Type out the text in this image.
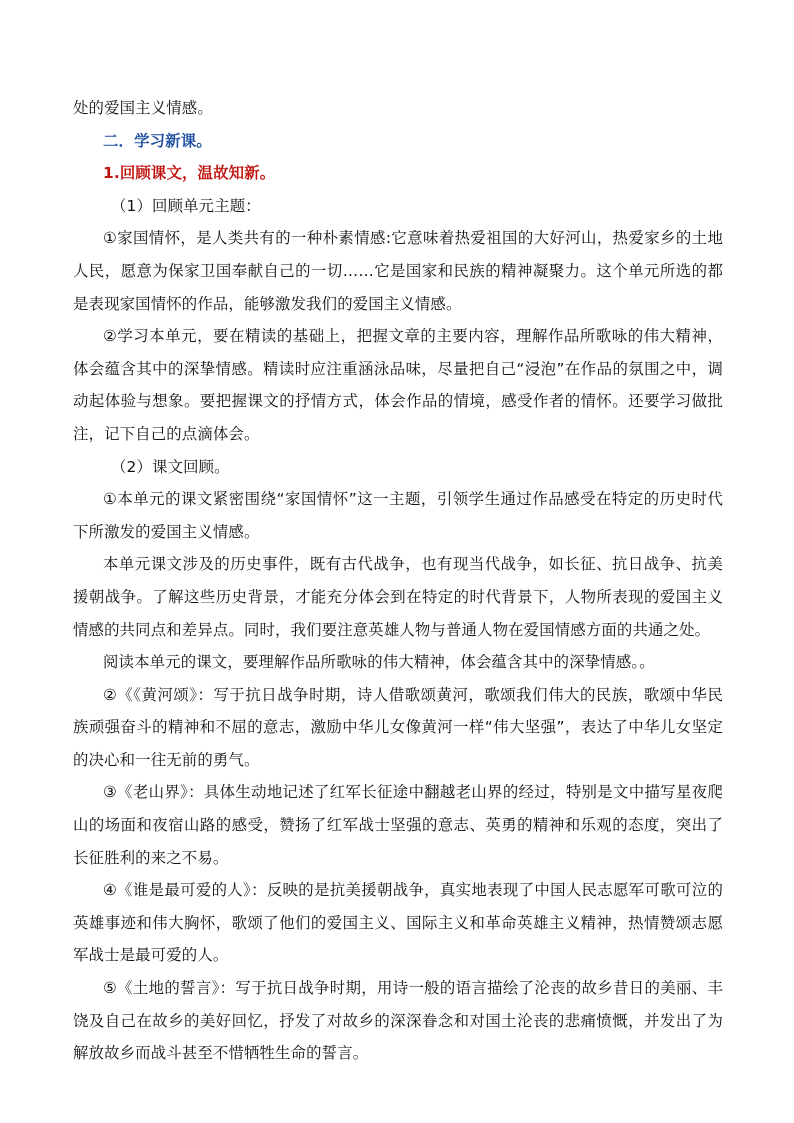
处的爱国主义情感。

二．学习新课。

1.回顾课文，温故知新。

（1）回顾单元主题：

①家国情怀，是人类共有的一种朴素情感:它意味着热爱祖国的大好河山，热爱家乡的土地人民，愿意为保家卫国奉献自己的一切……它是国家和民族的精神凝聚力。这个单元所选的都是表现家国情怀的作品，能够激发我们的爱国主义情感。

②学习本单元，要在精读的基础上，把握文章的主要内容，理解作品所歌咏的伟大精神，体会蕴含其中的深挚情感。精读时应注重涵泳品味，尽量把自己“浸泡”在作品的氛围之中，调动起体验与想象。要把握课文的抒情方式，体会作品的情境，感受作者的情怀。还要学习做批注，记下自己的点滴体会。

（2）课文回顾。

①本单元的课文紧密围绕“家国情怀”这一主题，引领学生通过作品感受在特定的历史时代下所激发的爱国主义情感。

本单元课文涉及的历史事件，既有古代战争，也有现当代战争，如长征、抗日战争、抗美援朝战争。了解这些历史背景，才能充分体会到在特定的时代背景下，人物所表现的爱国主义情感的共同点和差异点。同时，我们要注意英雄人物与普通人物在爱国情感方面的共通之处。

阅读本单元的课文，要理解作品所歌咏的伟大精神，体会蕴含其中的深挚情感。。

②《《黄河颂》：写于抗日战争时期，诗人借歌颂黄河，歌颂我们伟大的民族，歌颂中华民族顽强奋斗的精神和不屈的意志，激励中华儿女像黄河一样“伟大坚强”，表达了中华儿女坚定的决心和一往无前的勇气。

③《老山界》：具体生动地记述了红军长征途中翻越老山界的经过，特别是文中描写星夜爬山的场面和夜宿山路的感受，赞扬了红军战士坚强的意志、英勇的精神和乐观的态度，突出了长征胜利的来之不易。

④《谁是最可爱的人》：反映的是抗美援朝战争，真实地表现了中国人民志愿军可歌可泣的英雄事迹和伟大胸怀，歌颂了他们的爱国主义、国际主义和革命英雄主义精神，热情赞颂志愿军战士是最可爱的人。

⑤《土地的誓言》：写于抗日战争时期，用诗一般的语言描绘了沦丧的故乡昔日的美丽、丰饶及自己在故乡的美好回忆，抒发了对故乡的深深眷念和对国土沦丧的悲痛愤慨，并发出了为解放故乡而战斗甚至不惜牺牲生命的誓言。
